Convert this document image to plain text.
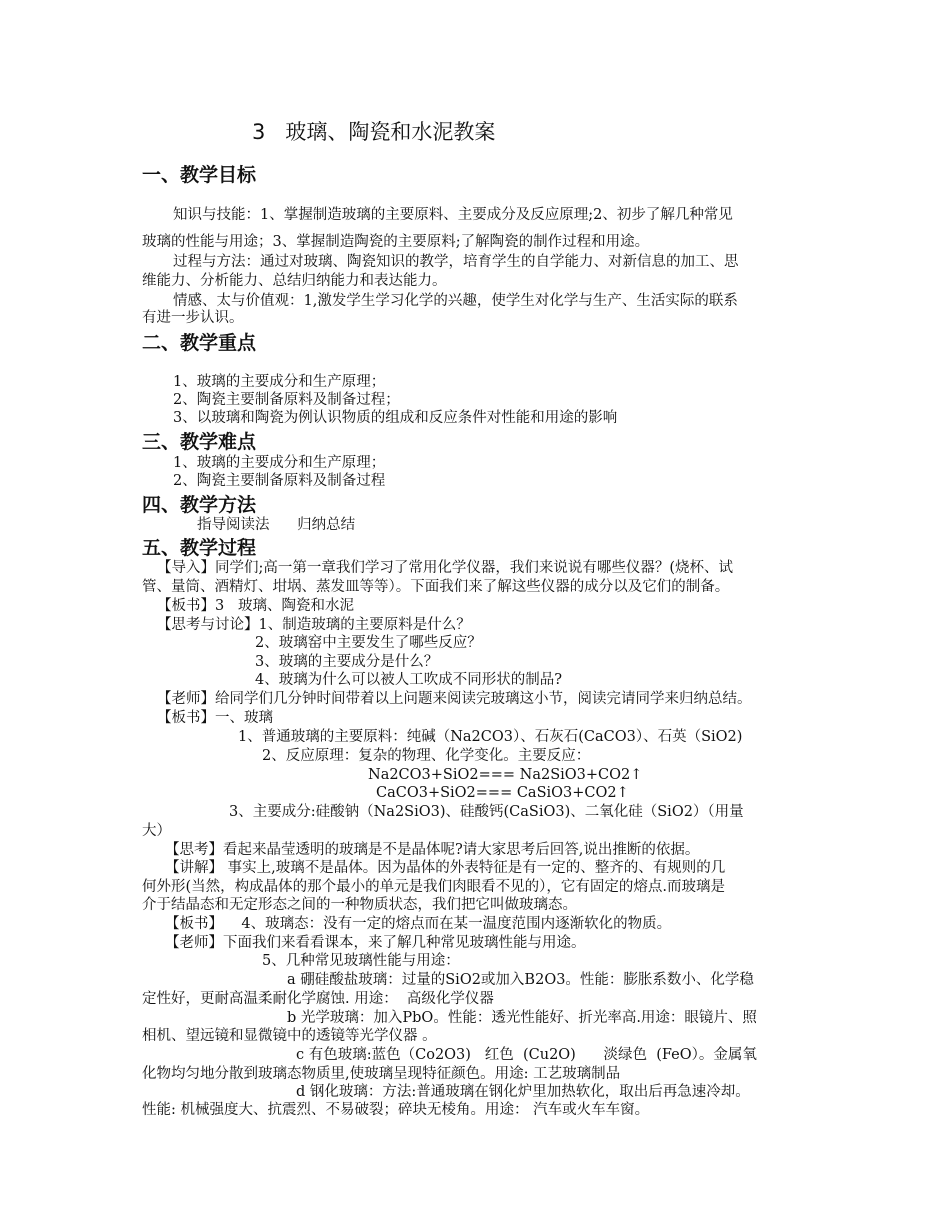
3   玻璃、陶瓷和水泥教案
一、教学目标
知识与技能：1、掌握制造玻璃的主要原料、主要成分及反应原理;2、初步了解几种常见
玻璃的性能与用途；3、掌握制造陶瓷的主要原料;了解陶瓷的制作过程和用途。
过程与方法：通过对玻璃、陶瓷知识的教学，培育学生的自学能力、对新信息的加工、思
维能力、分析能力、总结归纳能力和表达能力。
情感、太与价值观：1,激发学生学习化学的兴趣，使学生对化学与生产、生活实际的联系
有进一步认识。
二、教学重点
1、玻璃的主要成分和生产原理；
2、陶瓷主要制备原料及制备过程；
3、以玻璃和陶瓷为例认识物质的组成和反应条件对性能和用途的影响
三、教学难点
1、玻璃的主要成分和生产原理；
2、陶瓷主要制备原料及制备过程
四、教学方法
指导阅读法      归纳总结
五、教学过程
【导入】同学们;高一第一章我们学习了常用化学仪器，我们来说说有哪些仪器？(烧杯、试
管、量筒、酒精灯、坩埚、蒸发皿等等）。下面我们来了解这些仪器的成分以及它们的制备。
【板书】3   玻璃、陶瓷和水泥
【思考与讨论】1、制造玻璃的主要原料是什么？
2、玻璃窑中主要发生了哪些反应？
3、玻璃的主要成分是什么？
4、玻璃为什么可以被人工吹成不同形状的制品?
【老师】给同学们几分钟时间带着以上问题来阅读完玻璃这小节，阅读完请同学来归纳总结。
【板书】一、玻璃
1、普通玻璃的主要原料：纯碱（Na2CO3）、石灰石(CaCO3）、石英（SiO2)
2、反应原理：复杂的物理、化学变化。主要反应：
Na2CO3+SiO2=== Na2SiO3+CO2↑
CaCO3+SiO2=== CaSiO3+CO2↑
3、主要成分:硅酸钠（Na2SiO3)、硅酸钙(CaSiO3)、二氧化硅（SiO2）（用量
大）
【思考】看起来晶莹透明的玻璃是不是晶体呢?请大家思考后回答,说出推断的依据。
【讲解】 事实上,玻璃不是晶体。因为晶体的外表特征是有一定的、整齐的、有规则的几
何外形(当然，构成晶体的那个最小的单元是我们肉眼看不见的），它有固定的熔点.而玻璃是
介于结晶态和无定形态之间的一种物质状态，我们把它叫做玻璃态。
【板书】    4、玻璃态：没有一定的熔点而在某一温度范围内逐渐软化的物质。
【老师】下面我们来看看课本，来了解几种常见玻璃性能与用途。
5、几种常见玻璃性能与用途：
a 硼硅酸盐玻璃：过量的SiO2或加入B2O3。性能：膨胀系数小、化学稳
定性好，更耐高温柔耐化学腐蚀. 用途：  高级化学仪器
b 光学玻璃：加入PbO。性能：透光性能好、折光率高.用途：眼镜片、照
相机、望远镜和显微镜中的透镜等光学仪器 。
c 有色玻璃:蓝色（Co2O3)   红色  (Cu2O)      淡绿色  (FeO）。金属氧
化物均匀地分散到玻璃态物质里,使玻璃呈现特征颜色。用途: 工艺玻璃制品
d 钢化玻璃：方法:普通玻璃在钢化炉里加热软化，取出后再急速冷却。
性能: 机械强度大、抗震烈、不易破裂；碎块无棱角。用途： 汽车或火车车窗。
